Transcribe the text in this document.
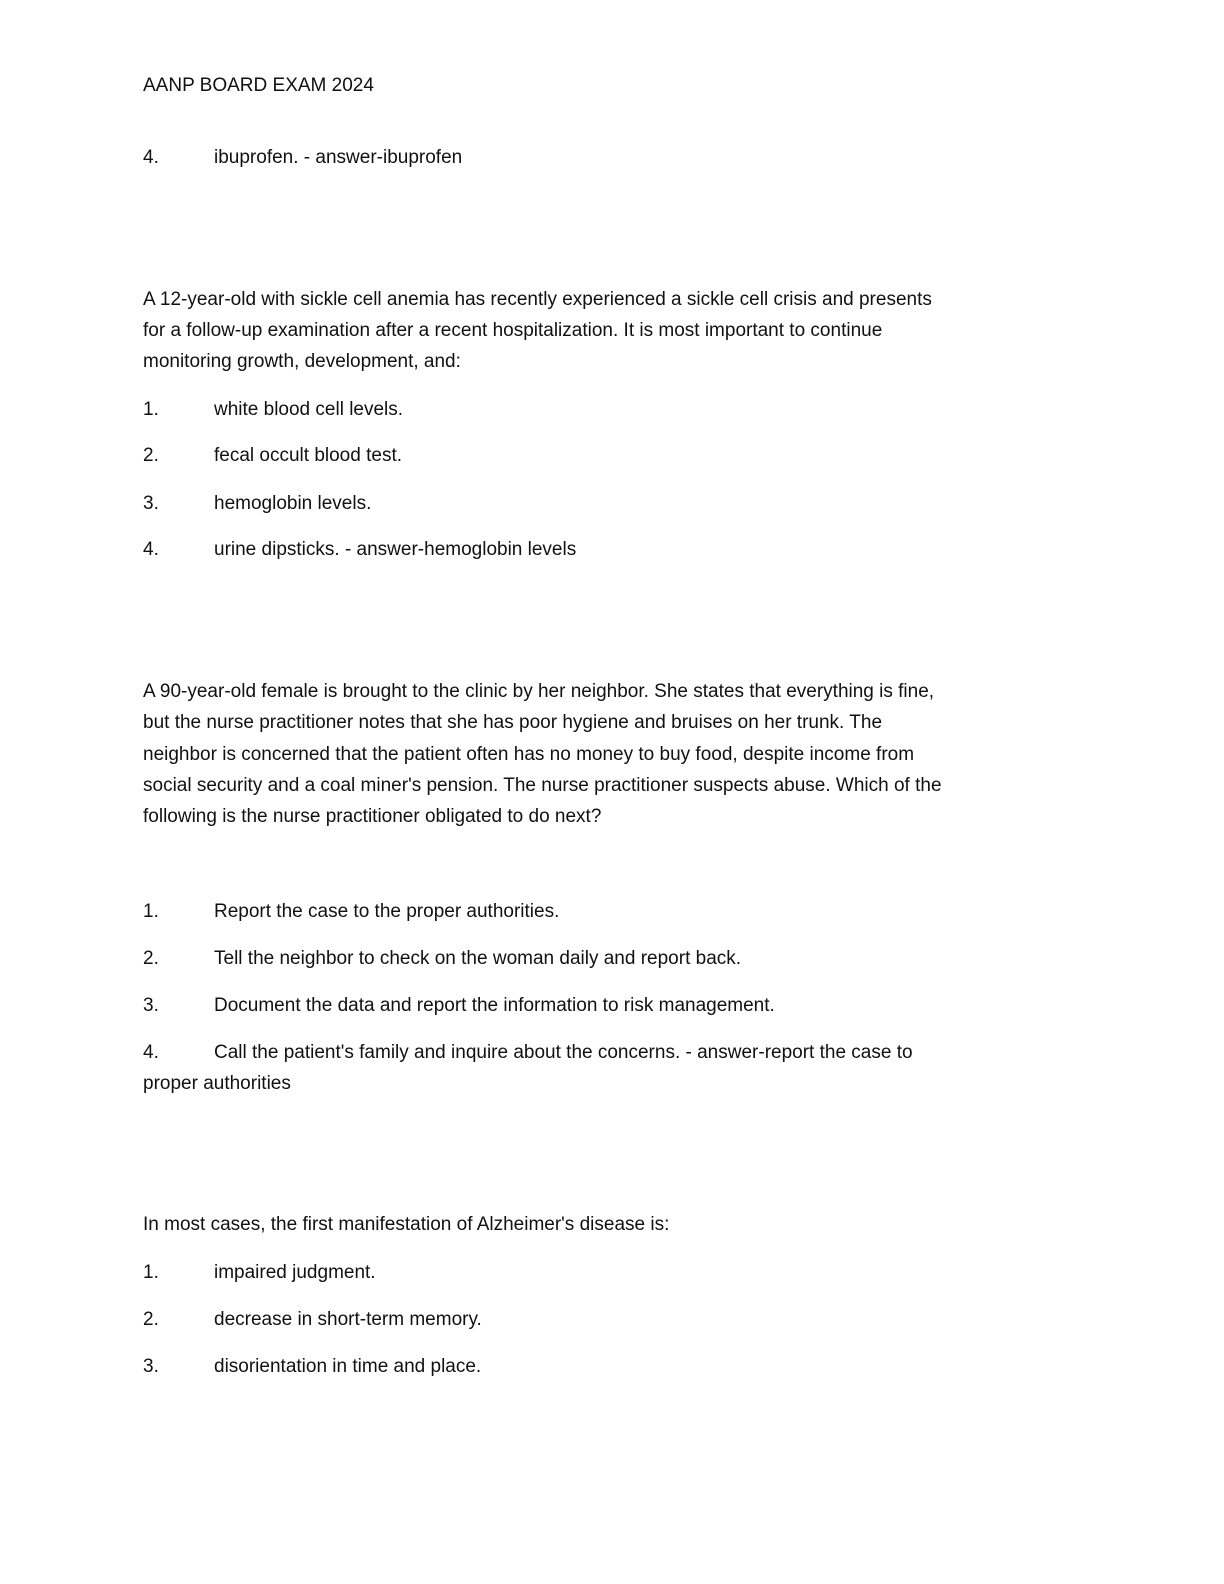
AANP BOARD EXAM 2024
4.	ibuprofen. - answer-ibuprofen
A 12-year-old with sickle cell anemia has recently experienced a sickle cell crisis and presents
for a follow-up examination after a recent hospitalization. It is most important to continue
monitoring growth, development, and:
1.	white blood cell levels.
2.	fecal occult blood test.
3.	hemoglobin levels.
4.	urine dipsticks. - answer-hemoglobin levels
A 90-year-old female is brought to the clinic by her neighbor. She states that everything is fine,
but the nurse practitioner notes that she has poor hygiene and bruises on her trunk. The
neighbor is concerned that the patient often has no money to buy food, despite income from
social security and a coal miner's pension. The nurse practitioner suspects abuse. Which of the
following is the nurse practitioner obligated to do next?
1.	Report the case to the proper authorities.
2.	Tell the neighbor to check on the woman daily and report back.
3.	Document the data and report the information to risk management.
4.	Call the patient's family and inquire about the concerns. - answer-report the case to
proper authorities
In most cases, the first manifestation of Alzheimer's disease is:
1.	impaired judgment.
2.	decrease in short-term memory.
3.	disorientation in time and place.
